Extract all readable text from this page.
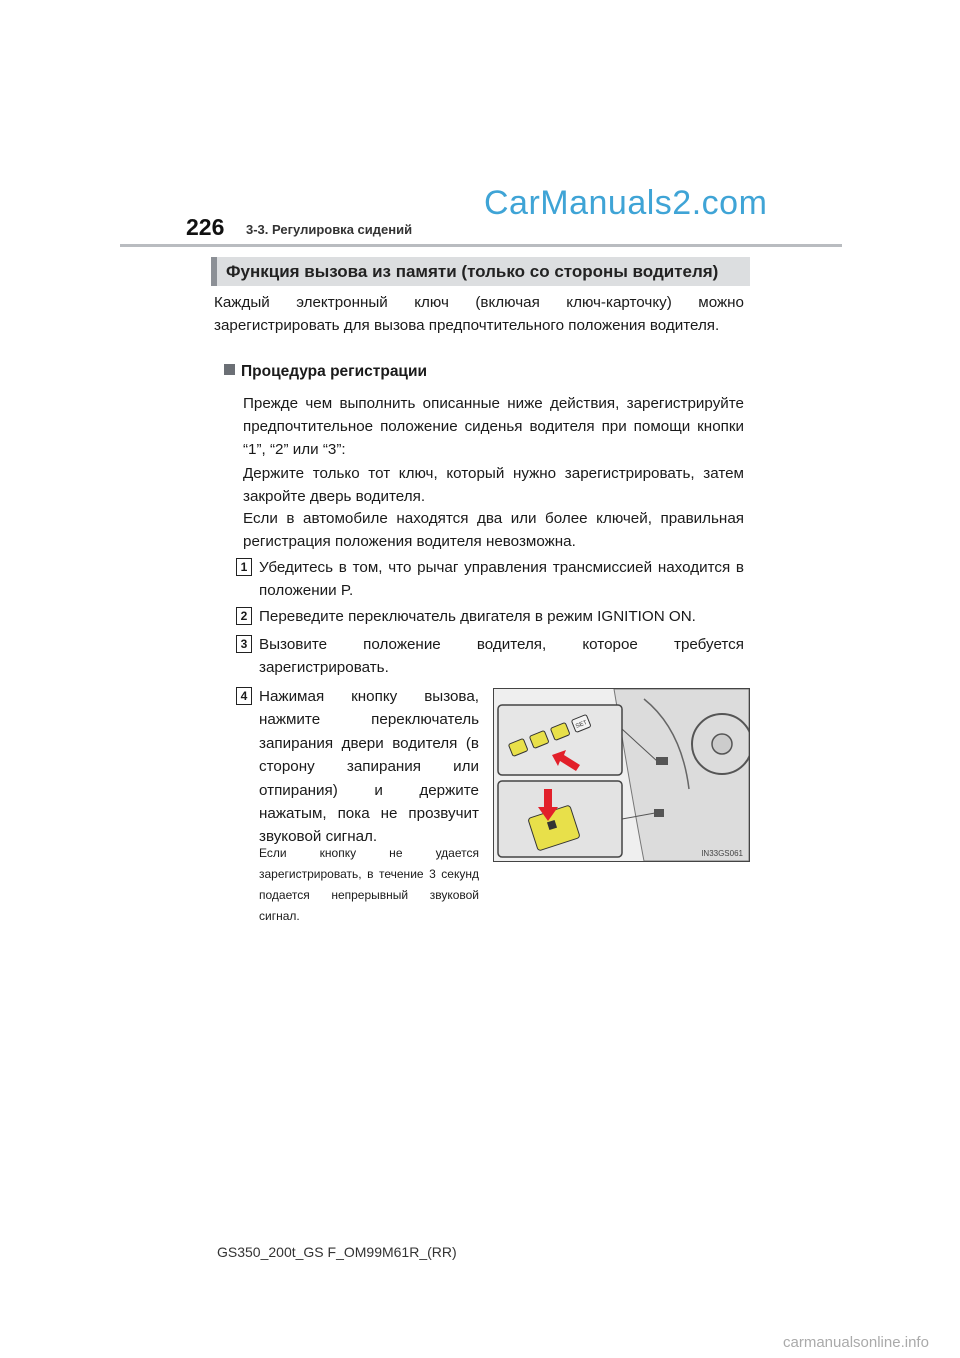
226 3-3. Регулировка сидений
CarManuals2.com
Функция вызова из памяти (только со стороны водителя)

Каждый электронный ключ (включая ключ-карточку) можно зарегистрировать для вызова предпочтительного положения водителя.

Процедура регистрации

Прежде чем выполнить описанные ниже действия, зарегистрируйте предпочтительное положение сиденья водителя при помощи кнопки “1”, “2” или “3”:

Держите только тот ключ, который нужно зарегистрировать, затем закройте дверь водителя.

Если в автомобиле находятся два или более ключей, правильная регистрация положения водителя невозможна.

1 Убедитесь в том, что рычаг управления трансмиссией находится в положении P.

2 Переведите переключатель двигателя в режим IGNITION ON.

3 Вызовите положение водителя, которое требуется зарегистрировать.

4 Нажимая кнопку вызова, нажмите переключатель запирания двери водителя (в сторону запирания или отпирания) и держите нажатым, пока не прозвучит звуковой сигнал.

Если кнопку не удается зарегистрировать, в течение 3 секунд подается непрерывный звуковой сигнал.

SET
IN33GS061
GS350_200t_GS F_OM99M61R_(RR)
carmanualsonline.info
